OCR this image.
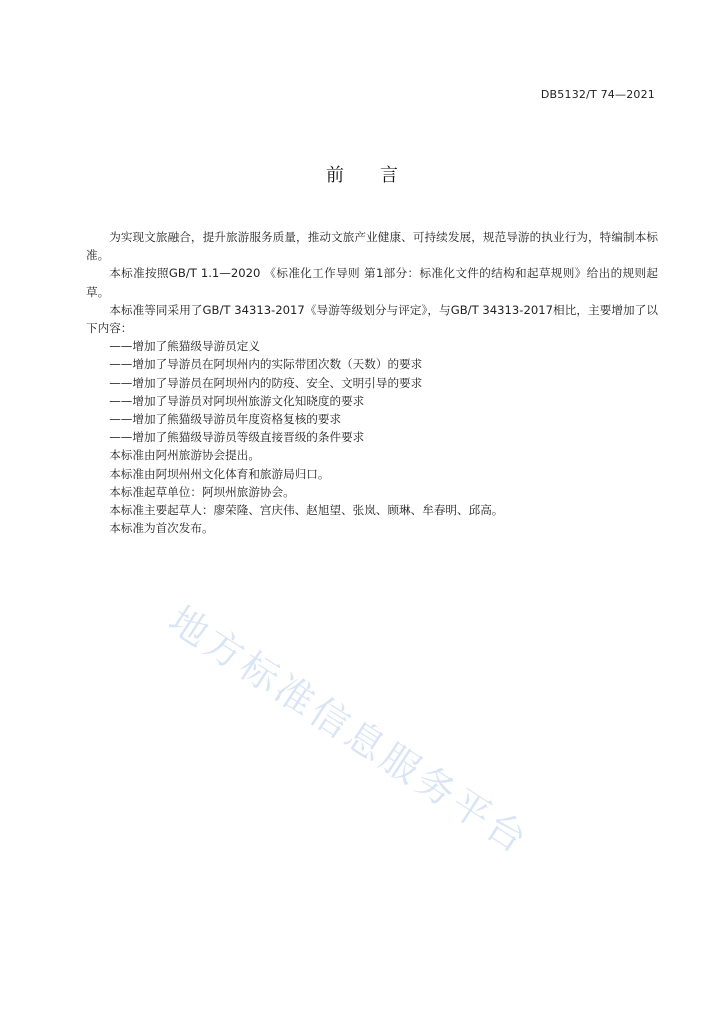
DB5132/T 74—2021
前言

为实现文旅融合，提升旅游服务质量，推动文旅产业健康、可持续发展，规范导游的执业行为，特编制本标准。

本标准按照GB/T 1.1—2020 《标准化工作导则 第1部分：标准化文件的结构和起草规则》给出的规则起草。

本标准等同采用了GB/T 34313-2017《导游等级划分与评定》，与GB/T 34313-2017相比，主要增加了以下内容：

——增加了熊猫级导游员定义

——增加了导游员在阿坝州内的实际带团次数（天数）的要求

——增加了导游员在阿坝州内的防疫、安全、文明引导的要求

——增加了导游员对阿坝州旅游文化知晓度的要求

——增加了熊猫级导游员年度资格复核的要求

——增加了熊猫级导游员等级直接晋级的条件要求

本标准由阿州旅游协会提出。

本标准由阿坝州州文化体育和旅游局归口。

本标准起草单位：阿坝州旅游协会。

本标准主要起草人：廖荣隆、宫庆伟、赵旭望、张岚、顾琳、牟春明、邱高。

本标准为首次发布。

地方标准信息服务平台
